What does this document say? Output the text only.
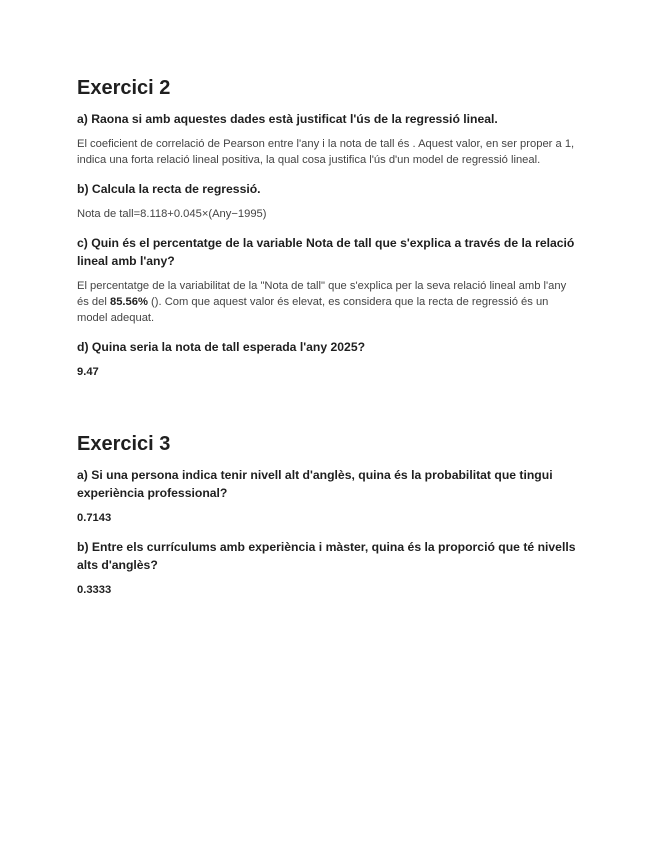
Exercici 2
a) Raona si amb aquestes dades està justificat l'ús de la regressió lineal.
El coeficient de correlació de Pearson entre l'any i la nota de tall és . Aquest valor, en ser proper a 1, indica una forta relació lineal positiva, la qual cosa justifica l'ús d'un model de regressió lineal.
b) Calcula la recta de regressió.
Nota de tall=8.118+0.045×(Any−1995)
c) Quin és el percentatge de la variable Nota de tall que s'explica a través de la relació lineal amb l'any?
El percentatge de la variabilitat de la "Nota de tall" que s'explica per la seva relació lineal amb l'any és del 85.56% (). Com que aquest valor és elevat, es considera que la recta de regressió és un model adequat.
d) Quina seria la nota de tall esperada l'any 2025?
9.47
Exercici 3
a) Si una persona indica tenir nivell alt d'anglès, quina és la probabilitat que tingui experiència professional?
0.7143
b) Entre els currículums amb experiència i màster, quina és la proporció que té nivells alts d'anglès?
0.3333
